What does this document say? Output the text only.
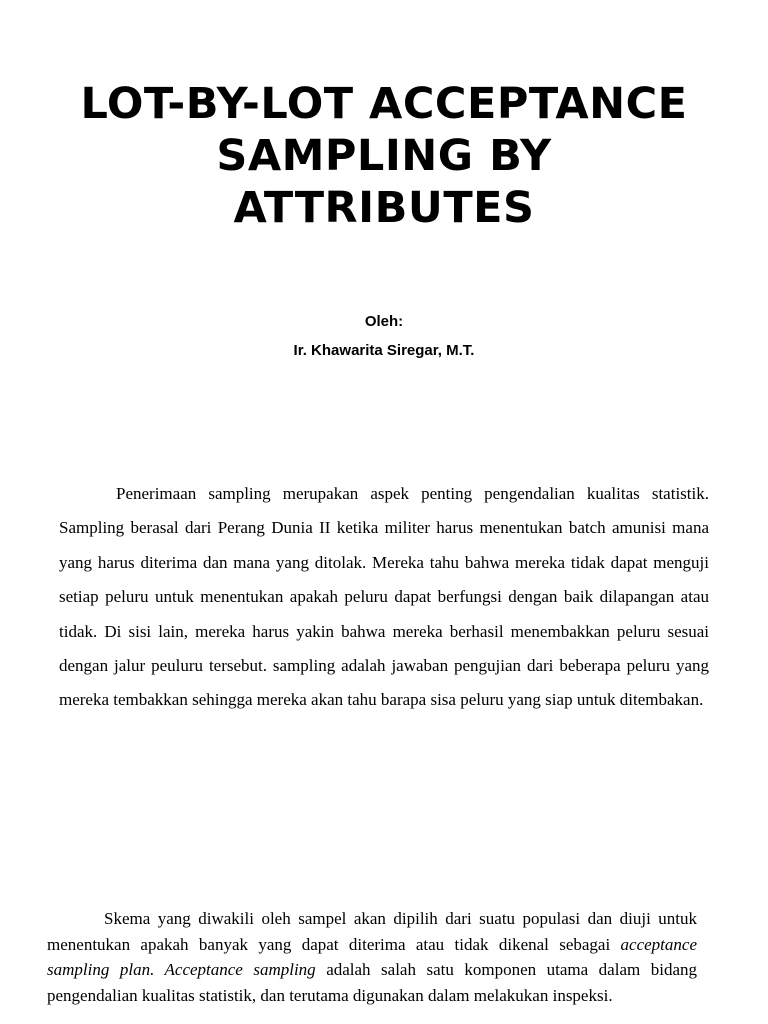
LOT-BY-LOT ACCEPTANCE
SAMPLING BY
ATTRIBUTES
Oleh:
Ir. Khawarita Siregar, M.T.

Penerimaan sampling merupakan aspek penting pengendalian kualitas statistik. Sampling berasal dari Perang Dunia II ketika militer harus menentukan batch amunisi mana yang harus diterima dan mana yang ditolak. Mereka tahu bahwa mereka tidak dapat menguji setiap peluru untuk menentukan apakah peluru dapat berfungsi dengan baik dilapangan atau tidak. Di sisi lain, mereka harus yakin bahwa mereka berhasil menembakkan peluru sesuai dengan jalur peuluru tersebut. sampling adalah jawaban pengujian dari beberapa peluru yang mereka tembakkan sehingga mereka akan tahu barapa sisa peluru yang siap untuk ditembakan.

Skema yang diwakili oleh sampel akan dipilih dari suatu populasi dan diuji untuk menentukan apakah banyak yang dapat diterima atau tidak dikenal sebagai acceptance sampling plan. Acceptance sampling adalah salah satu komponen utama dalam bidang pengendalian kualitas statistik, dan terutama digunakan dalam melakukan inspeksi.
